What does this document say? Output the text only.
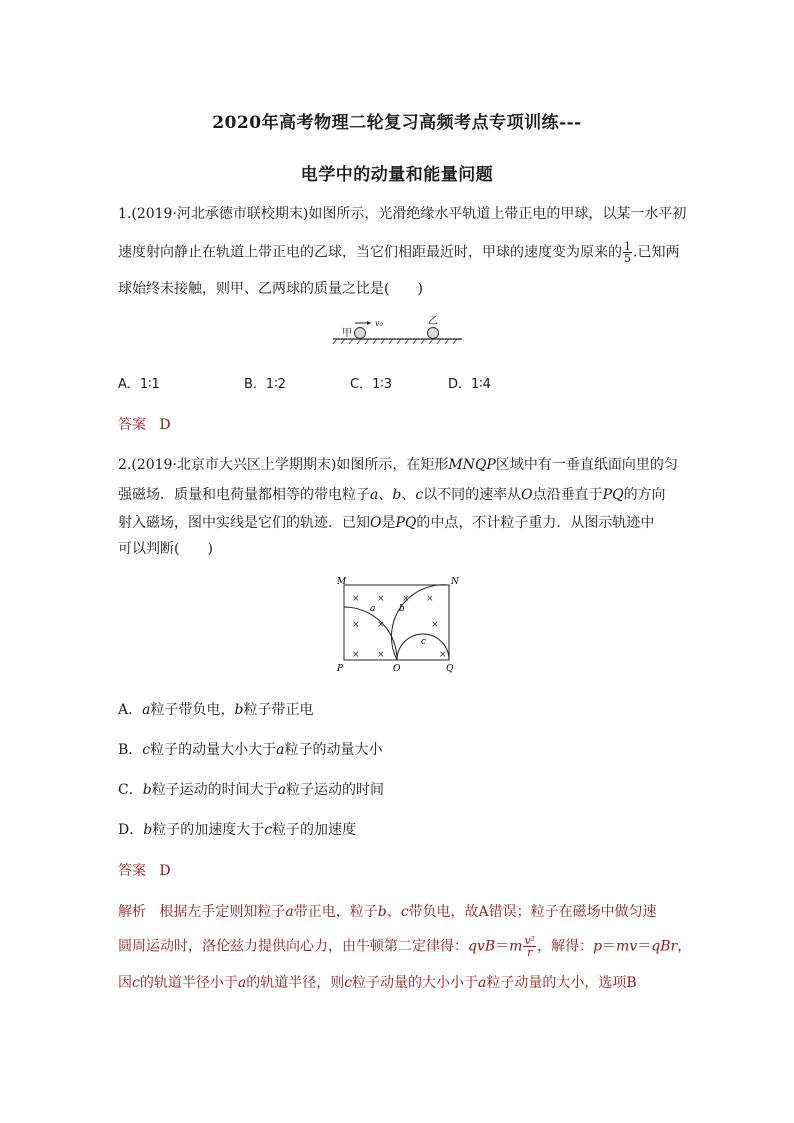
2020年高考物理二轮复习高频考点专项训练---
电学中的动量和能量问题
1.(2019·河北承德市联校期末)如图所示，光滑绝缘水平轨道上带正电的甲球，以某一水平初
速度射向静止在轨道上带正电的乙球，当它们相距最近时，甲球的速度变为原来的 $\frac{1}{5}$ .已知两
球始终未接触，则甲、乙两球的质量之比是(　　)
甲
v₀	乙
A．1∶1	B．1∶2	C．1∶3	D．1∶4
答案 D
2.(2019·北京市大兴区上学期期末)如图所示，在矩形MNQP区域中有一垂直纸面向里的匀
强磁场．质量和电荷量都相等的带电粒子a、b、c以不同的速率从O点沿垂直于PQ的方向
射入磁场，图中实线是它们的轨迹．已知O是PQ的中点，不计粒子重力．从图示轨迹中
可以判断(　　)
× × × ×
× ×	×
× ×	×
M	N
P	O	Q
a	b
c
A．a粒子带负电，b粒子带正电
B．c粒子的动量大小大于a粒子的动量大小
C．b粒子运动的时间大于a粒子运动的时间
D．b粒子的加速度大于c粒子的加速度
答案 D
解析 根据左手定则知粒子a带正电，粒子b、c带负电，故A错误；粒子在磁场中做匀速
圆周运动时，洛伦兹力提供向心力，由牛顿第二定律得：$qvB=m \frac{\text{v²}}{r}$ ，解得：p＝mv＝qBr，
因c的轨道半径小于a的轨道半径，则c粒子动量的大小小于a粒子动量的大小，选项B
